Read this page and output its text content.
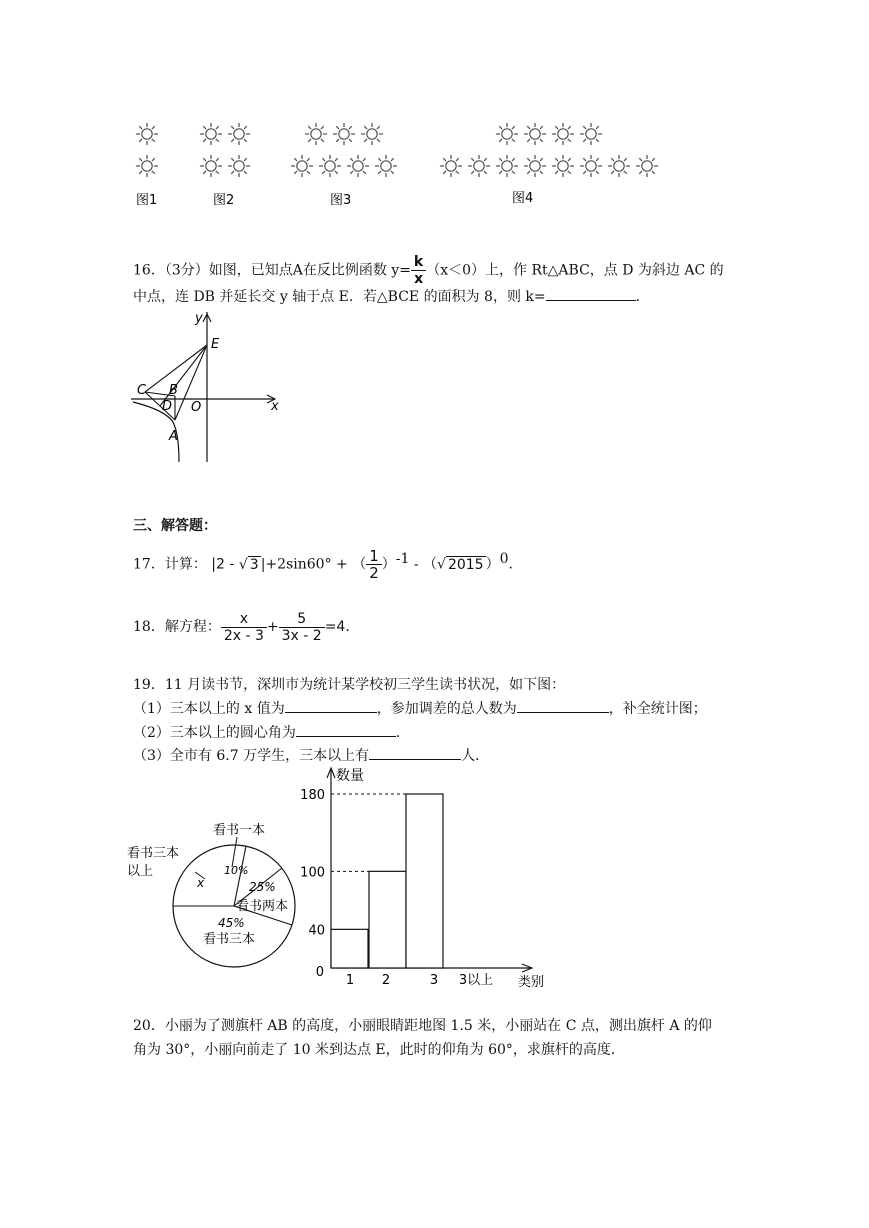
图1	图2	图3	图4
16．（3分）如图，已知点A在反比例函数 $y= \frac{k}{x} (x<0)$上，作 Rt△ABC，点 D 为斜边 AC 的
中点，连 DB 并延长交 y 轴于点 E．若△BCE 的面积为 8，则 k=	．
y
x
E
C B
D O
A
三、解答题：
17．计算： |2 - √ 3 |+2sin60° + （ $\frac{1}{2} )^{-1}$ - （√ 2015 ）$^0$．
18．解方程： $\frac{x}{2x - 3} + \frac{5}{3x - 2} =4$．
19．11 月读书节，深圳市为统计某学校初三学生读书状况，如下图：
（1）三本以上的 x 值为	，参加调差的总人数为	，补全统计图；
（2）三本以上的圆心角为	．
（3）全市有 6.7 万学生，三本以上有	人．
看书一本
看书三本
以上
x
10%
25%
看书两本
45%
看书三本
数量
类别
0
40
1
100
2
180
3 3以上
20．小丽为了测旗杆 AB 的高度，小丽眼睛距地图 1.5 米，小丽站在 C 点，测出旗杆 A 的仰
角为 30°，小丽向前走了 10 米到达点 E，此时的仰角为 60°，求旗杆的高度．
